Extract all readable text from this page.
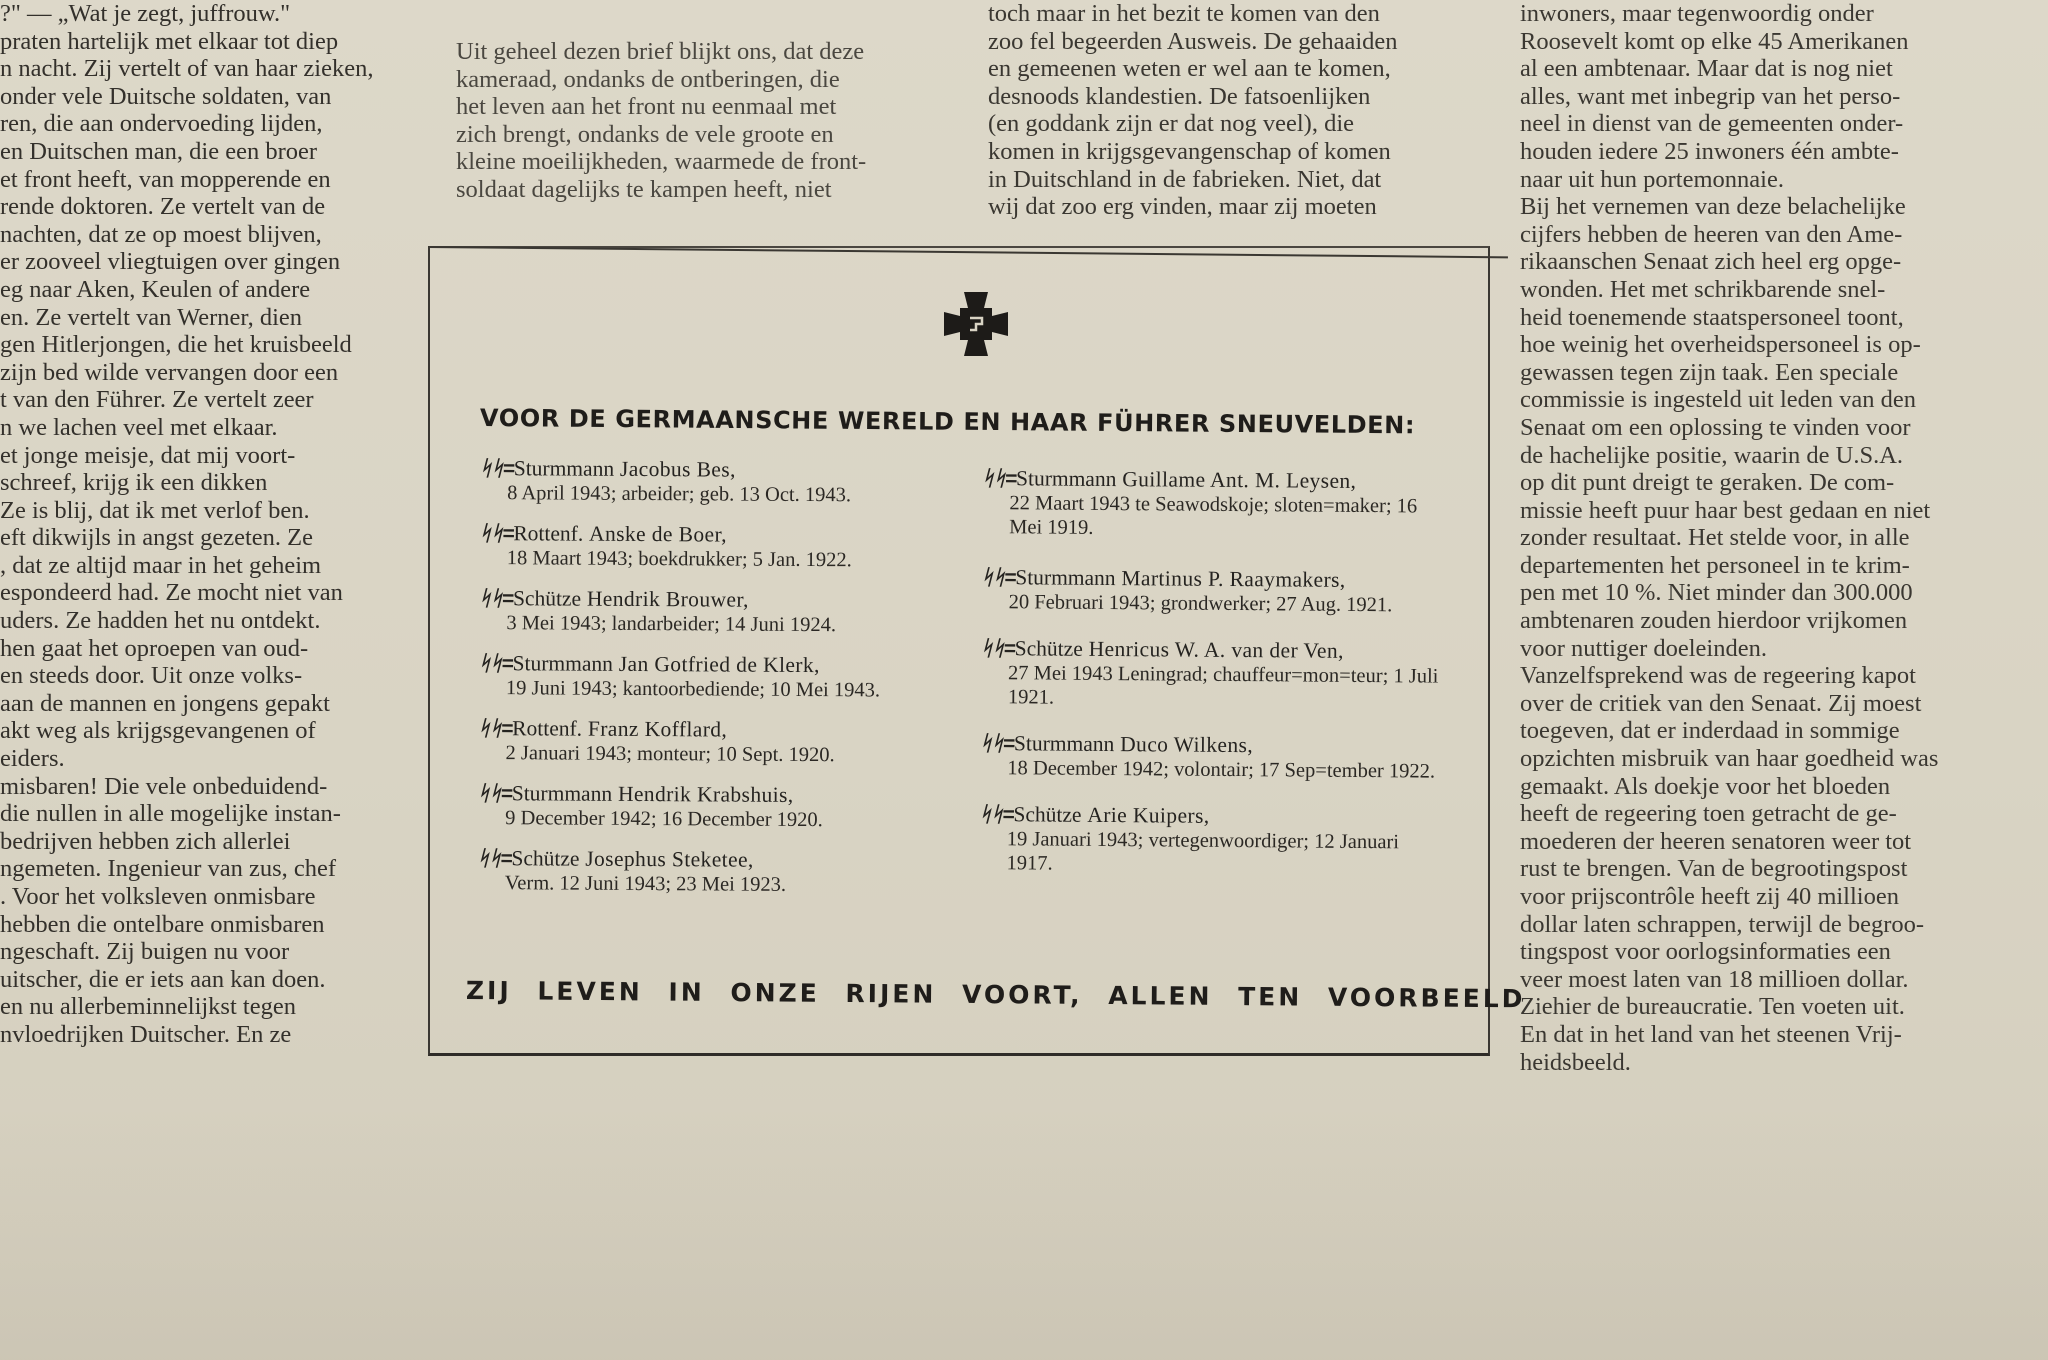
?" — „Wat je zegt, juffrouw."
praten hartelijk met elkaar tot diep
n nacht. Zij vertelt of van haar zieken,
onder vele Duitsche soldaten, van
ren, die aan ondervoeding lijden,
en Duitschen man, die een broer
et front heeft, van mopperende en
rende doktoren. Ze vertelt van de
nachten, dat ze op moest blijven,
er zooveel vliegtuigen over gingen
eg naar Aken, Keulen of andere
en. Ze vertelt van Werner, dien
gen Hitlerjongen, die het kruisbeeld
zijn bed wilde vervangen door een
t van den Führer. Ze vertelt zeer
n we lachen veel met elkaar.
et jonge meisje, dat mij voort-
schreef, krijg ik een dikken
Ze is blij, dat ik met verlof ben.
eft dikwijls in angst gezeten. Ze
, dat ze altijd maar in het geheim
espondeerd had. Ze mocht niet van
uders. Ze hadden het nu ontdekt.
hen gaat het oproepen van oud-
en steeds door. Uit onze volks-
aan de mannen en jongens gepakt
akt weg als krijgsgevangenen of
eiders.
misbaren! Die vele onbeduidend-
die nullen in alle mogelijke instan-
bedrijven hebben zich allerlei
ngemeten. Ingenieur van zus, chef
. Voor het volksleven onmisbare
hebben die ontelbare onmisbaren
ngeschaft. Zij buigen nu voor
uitscher, die er iets aan kan doen.
en nu allerbeminnelijkst tegen
nvloedrijken Duitscher. En ze
Uit geheel dezen brief blijkt ons, dat deze
kameraad, ondanks de ontberingen, die
het leven aan het front nu eenmaal met
zich brengt, ondanks de vele groote en
kleine moeilijkheden, waarmede de front-
soldaat dagelijks te kampen heeft, niet
toch maar in het bezit te komen van den
zoo fel begeerden Ausweis. De gehaaiden
en gemeenen weten er wel aan te komen,
desnoods klandestien. De fatsoenlijken
(en goddank zijn er dat nog veel), die
komen in krijgsgevangenschap of komen
in Duitschland in de fabrieken. Niet, dat
wij dat zoo erg vinden, maar zij moeten
inwoners, maar tegenwoordig onder
Roosevelt komt op elke 45 Amerikanen
al een ambtenaar. Maar dat is nog niet
alles, want met inbegrip van het perso-
neel in dienst van de gemeenten onder-
houden iedere 25 inwoners één ambte-
naar uit hun portemonnaie.
Bij het vernemen van deze belachelijke
cijfers hebben de heeren van den Ame-
rikaanschen Senaat zich heel erg opge-
wonden. Het met schrikbarende snel-
heid toenemende staatspersoneel toont,
hoe weinig het overheidspersoneel is op-
gewassen tegen zijn taak. Een speciale
commissie is ingesteld uit leden van den
Senaat om een oplossing te vinden voor
de hachelijke positie, waarin de U.S.A.
op dit punt dreigt te geraken. De com-
missie heeft puur haar best gedaan en niet
zonder resultaat. Het stelde voor, in alle
departementen het personeel in te krim-
pen met 10 %. Niet minder dan 300.000
ambtenaren zouden hierdoor vrijkomen
voor nuttiger doeleinden.
Vanzelfsprekend was de regeering kapot
over de critiek van den Senaat. Zij moest
toegeven, dat er inderdaad in sommige
opzichten misbruik van haar goedheid was
gemaakt. Als doekje voor het bloeden
heeft de regeering toen getracht de ge-
moederen der heeren senatoren weer tot
rust te brengen. Van de begrootingspost
voor prijscontrôle heeft zij 40 millioen
dollar laten schrappen, terwijl de begroo-
tingspost voor oorlogsinformaties een
veer moest laten van 18 millioen dollar.
Ziehier de bureaucratie. Ten voeten uit.
En dat in het land van het steenen Vrij-
heidsbeeld.
VOOR DE GERMAANSCHE WERELD EN HAAR FÜHRER SNEUVELDEN:
ᛋᛋ=Sturmmann Jacobus Bes,
8 April 1943; arbeider; geb. 13 Oct. 1943.
ᛋᛋ=Rottenf. Anske de Boer,
18 Maart 1943; boekdrukker; 5 Jan. 1922.
ᛋᛋ=Schütze Hendrik Brouwer,
3 Mei 1943; landarbeider; 14 Juni 1924.
ᛋᛋ=Sturmmann Jan Gotfried de Klerk,
19 Juni 1943; kantoorbediende; 10 Mei 1943.
ᛋᛋ=Rottenf. Franz Kofflard,
2 Januari 1943; monteur; 10 Sept. 1920.
ᛋᛋ=Sturmmann Hendrik Krabshuis,
9 December 1942; 16 December 1920.
ᛋᛋ=Schütze Josephus Steketee,
Verm. 12 Juni 1943; 23 Mei 1923.
ᛋᛋ=Sturmmann Guillame Ant. M. Leysen,
22 Maart 1943 te Seawodskoje; sloten=maker; 16 Mei 1919.
ᛋᛋ=Sturmmann Martinus P. Raaymakers,
20 Februari 1943; grondwerker; 27 Aug. 1921.
ᛋᛋ=Schütze Henricus W. A. van der Ven,
27 Mei 1943 Leningrad; chauffeur=mon=teur; 1 Juli 1921.
ᛋᛋ=Sturmmann Duco Wilkens,
18 December 1942; volontair; 17 Sep=tember 1922.
ᛋᛋ=Schütze Arie Kuipers,
19 Januari 1943; vertegenwoordiger; 12 Januari 1917.
ZIJ LEVEN IN ONZE RIJEN VOORT, ALLEN TEN VOORBEELD
